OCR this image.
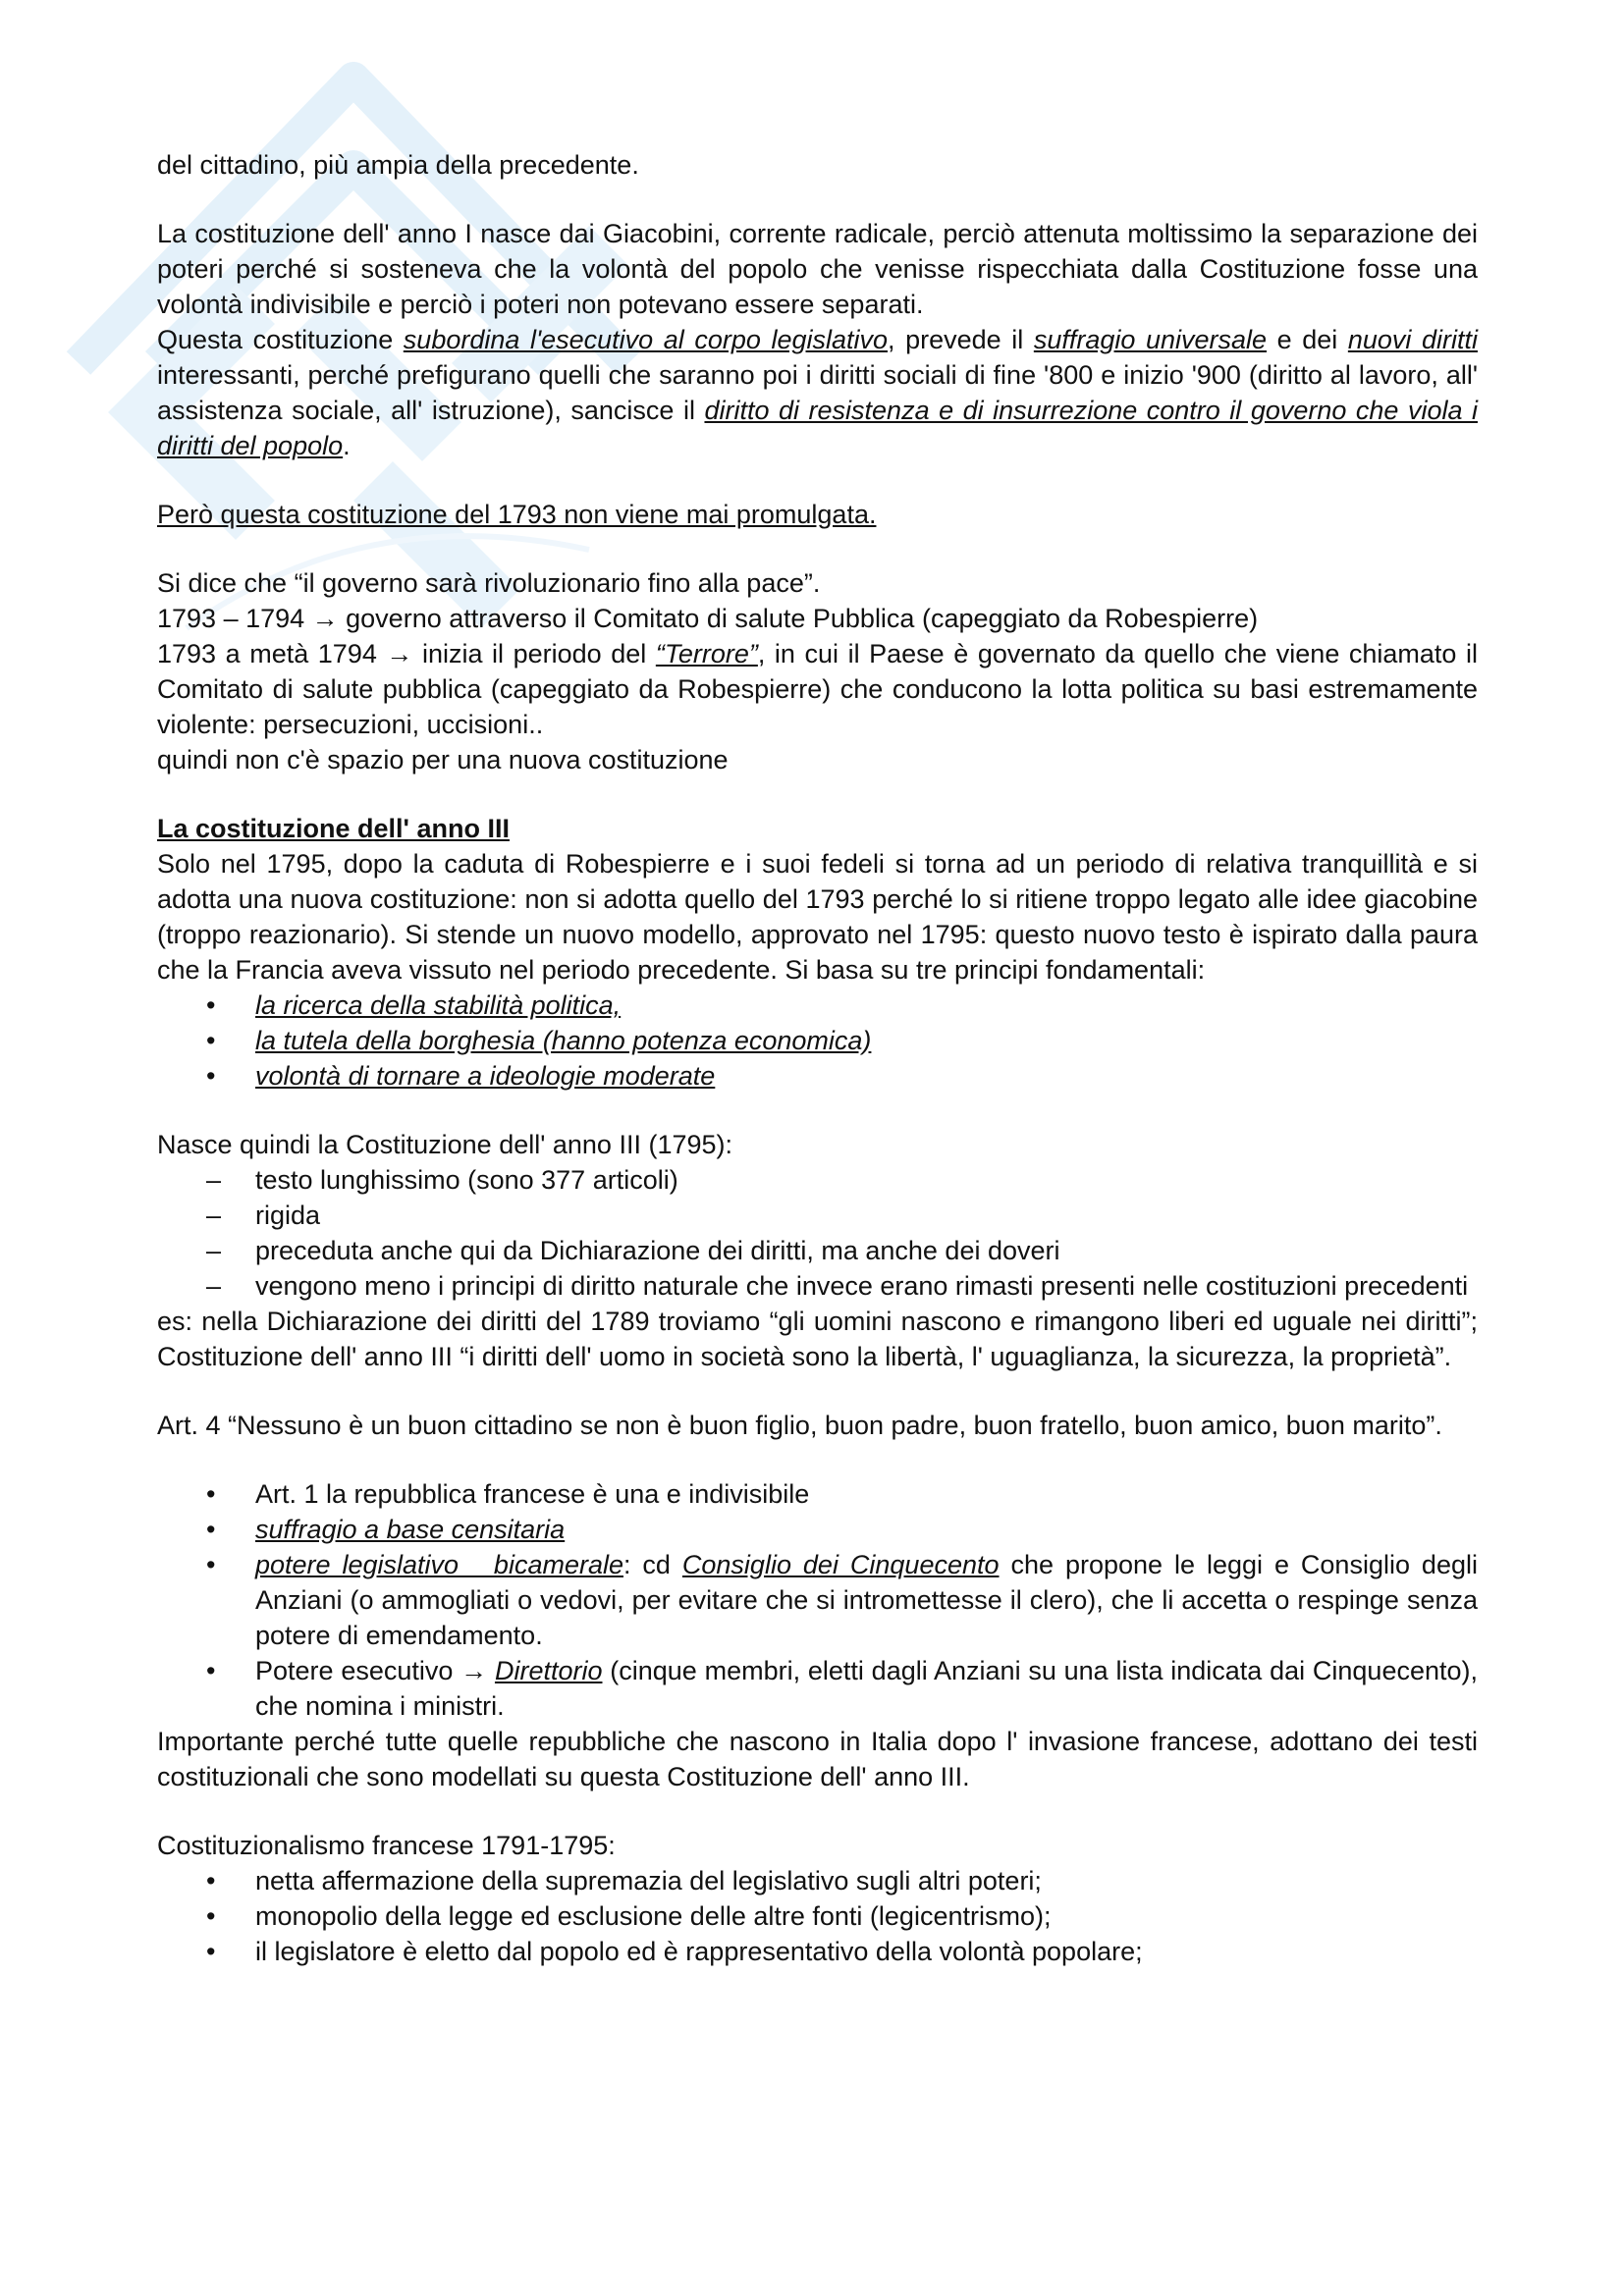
del cittadino, più ampia della precedente.

La costituzione dell' anno I nasce dai Giacobini, corrente radicale, perciò attenuta moltissimo la separazione dei poteri perché si sosteneva che la volontà del popolo che venisse rispecchiata dalla Costituzione fosse una volontà indivisibile e perciò i poteri non potevano essere separati.

Questa costituzione subordina l'esecutivo al corpo legislativo, prevede il suffragio universale e dei nuovi diritti interessanti, perché prefigurano quelli che saranno poi i diritti sociali di fine '800 e inizio '900 (diritto al lavoro, all' assistenza sociale, all' istruzione), sancisce il diritto di resistenza e di insurrezione contro il governo che viola i diritti del popolo.

Però questa costituzione del 1793 non viene mai promulgata.

Si dice che “il governo sarà rivoluzionario fino alla pace”.

1793 – 1794 → governo attraverso il Comitato di salute Pubblica (capeggiato da Robespierre)

1793 a metà 1794 → inizia il periodo del “Terrore”, in cui il Paese è governato da quello che viene chiamato il Comitato di salute pubblica (capeggiato da Robespierre) che conducono la lotta politica su basi estremamente violente: persecuzioni, uccisioni..

quindi non c'è spazio per una nuova costituzione

La costituzione dell' anno III

Solo nel 1795, dopo la caduta di Robespierre e i suoi fedeli si torna ad un periodo di relativa tranquillità e si adotta una nuova costituzione: non si adotta quello del 1793 perché lo si ritiene troppo legato alle idee giacobine (troppo reazionario). Si stende un nuovo modello, approvato nel 1795: questo nuovo testo è ispirato dalla paura che la Francia aveva vissuto nel periodo precedente. Si basa su tre principi fondamentali:

•	la ricerca della stabilità politica,
•	la tutela della borghesia (hanno potenza economica)
•	volontà di tornare a ideologie moderate

Nasce quindi la Costituzione dell' anno III (1795):

–	testo lunghissimo (sono 377 articoli)
–	rigida
–	preceduta anche qui da Dichiarazione dei diritti, ma anche dei doveri
–	vengono meno i principi di diritto naturale che invece erano rimasti presenti nelle costituzioni precedenti

es: nella Dichiarazione dei diritti del 1789 troviamo “gli uomini nascono e rimangono liberi ed uguale nei diritti”; Costituzione dell' anno III “i diritti dell' uomo in società sono la libertà, l' uguaglianza, la sicurezza, la proprietà”.

Art. 4 “Nessuno è un buon cittadino se non è buon figlio, buon padre, buon fratello, buon amico, buon marito”.

•	Art. 1 la repubblica francese è una e indivisibile
•	suffragio a base censitaria
•	potere legislativo   bicamerale: cd Consiglio dei Cinquecento che propone le leggi e Consiglio degli Anziani (o ammogliati o vedovi, per evitare che si intromettesse il clero), che li accetta o respinge senza potere di emendamento.
•	Potere esecutivo → Direttorio (cinque membri, eletti dagli Anziani su una lista indicata dai Cinquecento), che nomina i ministri.

Importante perché tutte quelle repubbliche che nascono in Italia dopo l' invasione francese, adottano dei testi costituzionali che sono modellati su questa Costituzione dell' anno III.

Costituzionalismo francese 1791-1795:

•	netta affermazione della supremazia del legislativo sugli altri poteri;
•	monopolio della legge ed esclusione delle altre fonti (legicentrismo);
•	il legislatore è eletto dal popolo ed è rappresentativo della volontà popolare;
